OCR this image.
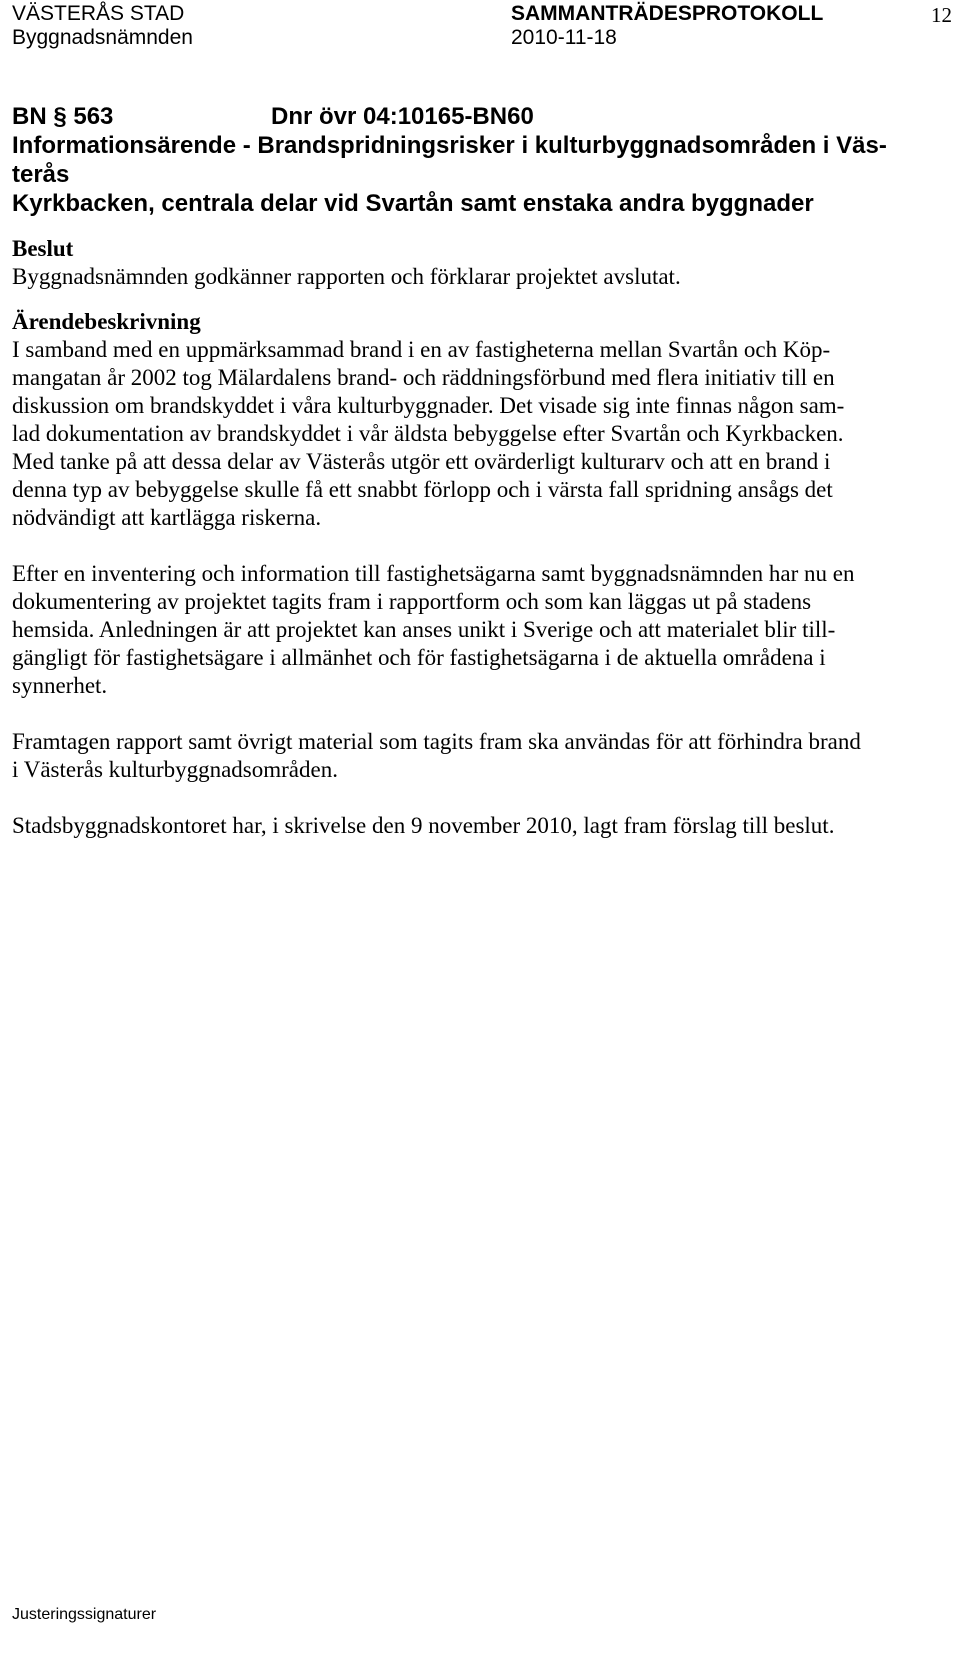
VÄSTERÅS STAD
Byggnadsnämnden
SAMMANTRÄDESPROTOKOLL
2010-11-18
12
BN § 563	Dnr övr 04:10165-BN60
Informationsärende - Brandspridningsrisker i kulturbyggnadsområden i Väs-
terås
Kyrkbacken, centrala delar vid Svartån samt enstaka andra byggnader
Beslut
Byggnadsnämnden godkänner rapporten och förklarar projektet avslutat.
Ärendebeskrivning

I samband med en uppmärksammad brand i en av fastigheterna mellan Svartån och Köp-
mangatan år 2002 tog Mälardalens brand- och räddningsförbund med flera initiativ till en
diskussion om brandskyddet i våra kulturbyggnader. Det visade sig inte finnas någon sam-
lad dokumentation av brandskyddet i vår äldsta bebyggelse efter Svartån och Kyrkbacken.
Med tanke på att dessa delar av Västerås utgör ett ovärderligt kulturarv och att en brand i
denna typ av bebyggelse skulle få ett snabbt förlopp och i värsta fall spridning ansågs det
nödvändigt att kartlägga riskerna.

Efter en inventering och information till fastighetsägarna samt byggnadsnämnden har nu en
dokumentering av projektet tagits fram i rapportform och som kan läggas ut på stadens
hemsida. Anledningen är att projektet kan anses unikt i Sverige och att materialet blir till-
gängligt för fastighetsägare i allmänhet och för fastighetsägarna i de aktuella områdena i
synnerhet.

Framtagen rapport samt övrigt material som tagits fram ska användas för att förhindra brand
i Västerås kulturbyggnadsområden.

Stadsbyggnadskontoret har, i skrivelse den 9 november 2010, lagt fram förslag till beslut.

Justeringssignaturer
